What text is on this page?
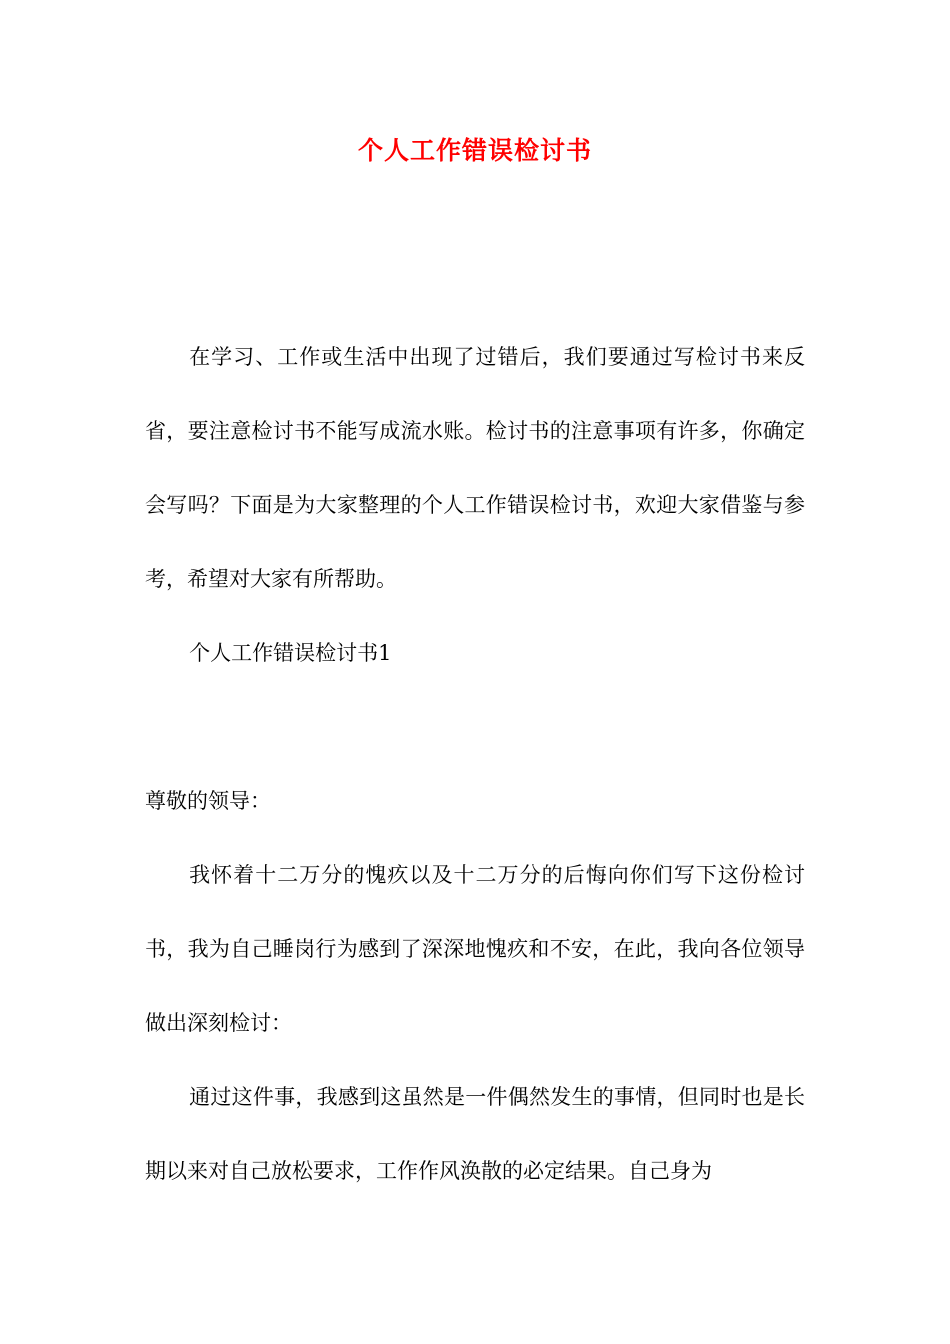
个人工作错误检讨书

在学习、工作或生活中出现了过错后，我们要通过写检讨书来反省，要注意检讨书不能写成流水账。检讨书的注意事项有许多，你确定会写吗？下面是为大家整理的个人工作错误检讨书，欢迎大家借鉴与参考，希望对大家有所帮助。

个人工作错误检讨书1

尊敬的领导：

我怀着十二万分的愧疚以及十二万分的后悔向你们写下这份检讨书，我为自己睡岗行为感到了深深地愧疚和不安，在此，我向各位领导做出深刻检讨：

通过这件事，我感到这虽然是一件偶然发生的事情，但同时也是长期以来对自己放松要求，工作作风涣散的必定结果。自己身为
